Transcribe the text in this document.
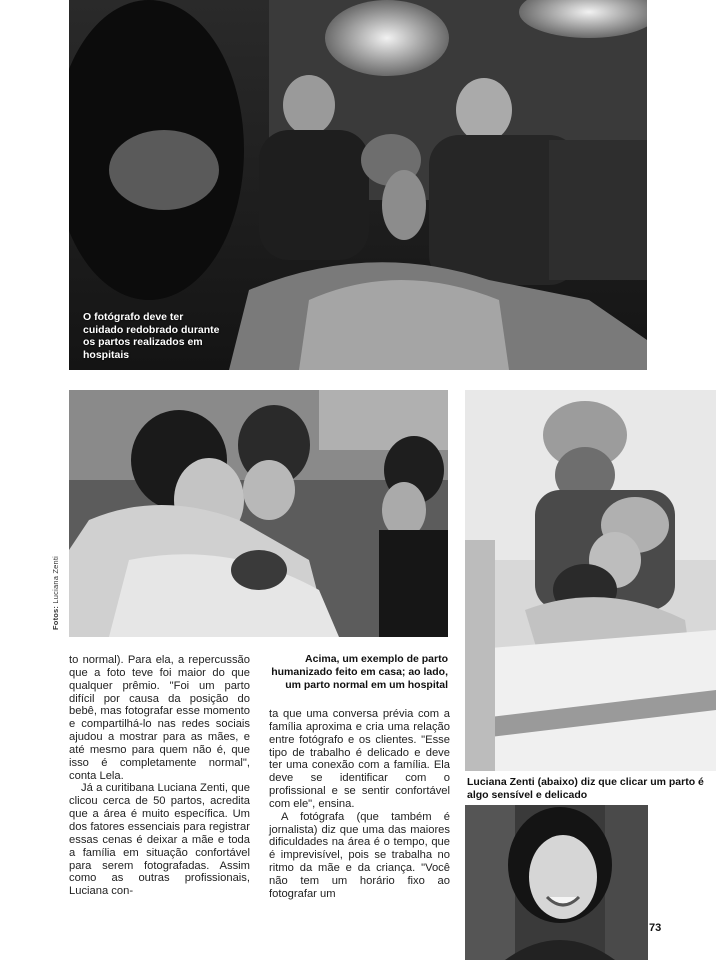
O fotógrafo deve ter cuidado redobrado durante os partos realizados em hospitais
Fotos: Luciana Zenti
Acima, um exemplo de parto humanizado feito em casa; ao lado, um parto normal em um hospital
Luciana Zenti (abaixo) diz que clicar um parto é algo sensível e delicado

to normal). Para ela, a repercussão que a foto teve foi maior do que qualquer prêmio. "Foi um parto difícil por causa da posição do bebê, mas fotografar esse momento e compartilhá-lo nas redes sociais ajudou a mostrar para as mães, e até mesmo para quem não é, que isso é completamente normal", conta Lela.

Já a curitibana Luciana Zenti, que clicou cerca de 50 partos, acredita que a área é muito específica. Um dos fatores essenciais para registrar essas cenas é deixar a mãe e toda a família em situação confortável para serem fotografadas. Assim como as outras profissionais, Luciana con-

ta que uma conversa prévia com a família aproxima e cria uma relação entre fotógrafo e os clientes. "Esse tipo de trabalho é delicado e deve ter uma conexão com a família. Ela deve se identificar com o profissional e se sentir confortável com ele", ensina.

A fotógrafa (que também é jornalista) diz que uma das maiores dificuldades na área é o tempo, que é imprevisível, pois se trabalha no ritmo da mãe e da criança. "Você não tem um horário fixo ao fotografar um

73
